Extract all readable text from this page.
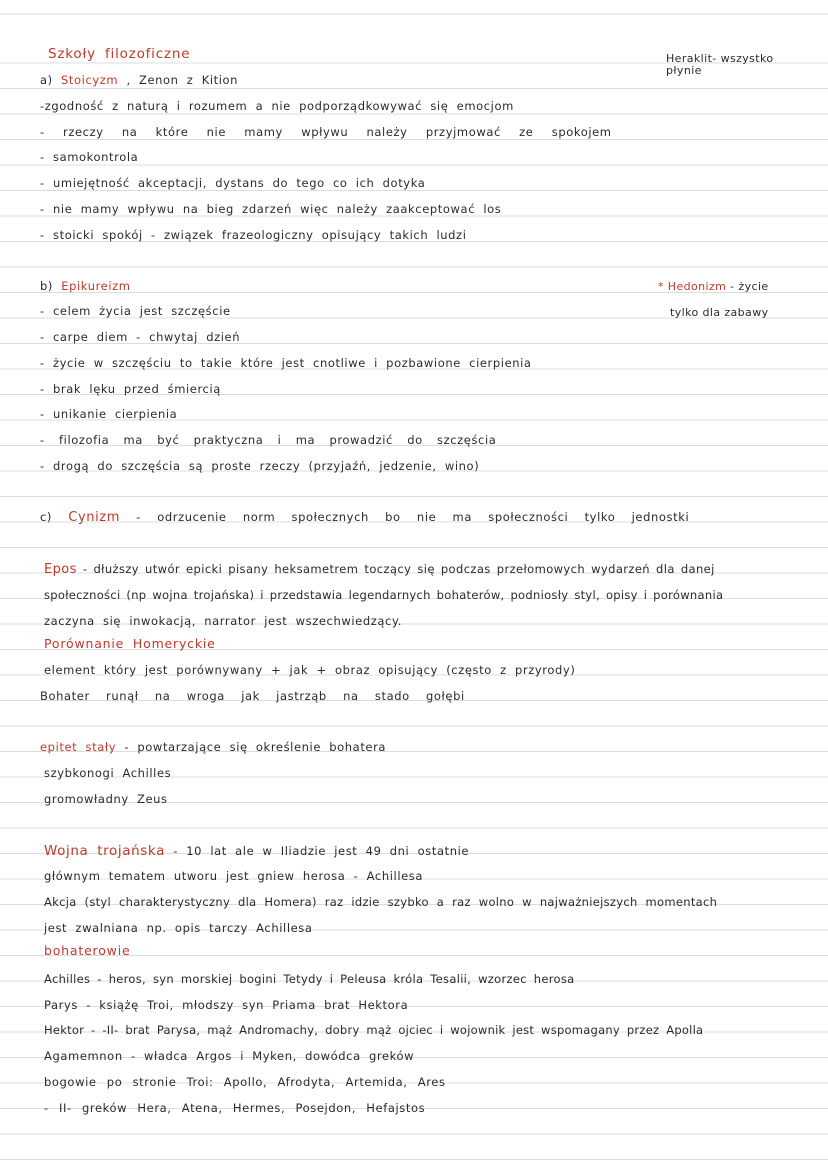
Szkoły filozoficzne	Heraklit- wszystko
płynie
a) Stoicyzm , Zenon z Kition
-zgodność z naturą i rozumem a nie podporządkowywać się emocjom
- rzeczy na które nie mamy wpływu należy przyjmować ze spokojem
- samokontrola
- umiejętność akceptacji, dystans do tego co ich dotyka
- nie mamy wpływu na bieg zdarzeń więc należy zaakceptować los
- stoicki spokój - związek frazeologiczny opisujący takich ludzi
b) Epikureizm	* Hedonizm - życie
tylko dla zabawy
- celem życia jest szczęście
- carpe diem - chwytaj dzień
- życie w szczęściu to takie które jest cnotliwe i pozbawione cierpienia
- brak lęku przed śmiercią
- unikanie cierpienia
- filozofia ma być praktyczna i ma prowadzić do szczęścia
- drogą do szczęścia są proste rzeczy (przyjaźń, jedzenie, wino)
c) Cynizm - odrzucenie norm społecznych bo nie ma społeczności tylko jednostki
Epos - dłuższy utwór epicki pisany heksametrem toczący się podczas przełomowych wydarzeń dla danej
społeczności (np wojna trojańska) i przedstawia legendarnych bohaterów, podniosły styl, opisy i porównania
zaczyna się inwokacją, narrator jest wszechwiedzący.
Porównanie Homeryckie
element który jest porównywany + jak + obraz opisujący (często z przyrody)
Bohater runął na wroga jak jastrząb na stado gołębi
epitet stały - powtarzające się określenie bohatera
szybkonogi Achilles
gromowładny Zeus
Wojna trojańska - 10 lat ale w Iliadzie jest 49 dni ostatnie
głównym tematem utworu jest gniew herosa - Achillesa
Akcja (styl charakterystyczny dla Homera) raz idzie szybko a raz wolno w najważniejszych momentach
jest zwalniana np. opis tarczy Achillesa
bohaterowie
Achilles - heros, syn morskiej bogini Tetydy i Peleusa króla Tesalii, wzorzec herosa
Parys - książę Troi, młodszy syn Priama brat Hektora
Hektor - -II- brat Parysa, mąż Andromachy, dobry mąż ojciec i wojownik jest wspomagany przez Apolla
Agamemnon - władca Argos i Myken, dowódca greków
bogowie po stronie Troi: Apollo, Afrodyta, Artemida, Ares
- II- greków Hera, Atena, Hermes, Posejdon, Hefajstos
